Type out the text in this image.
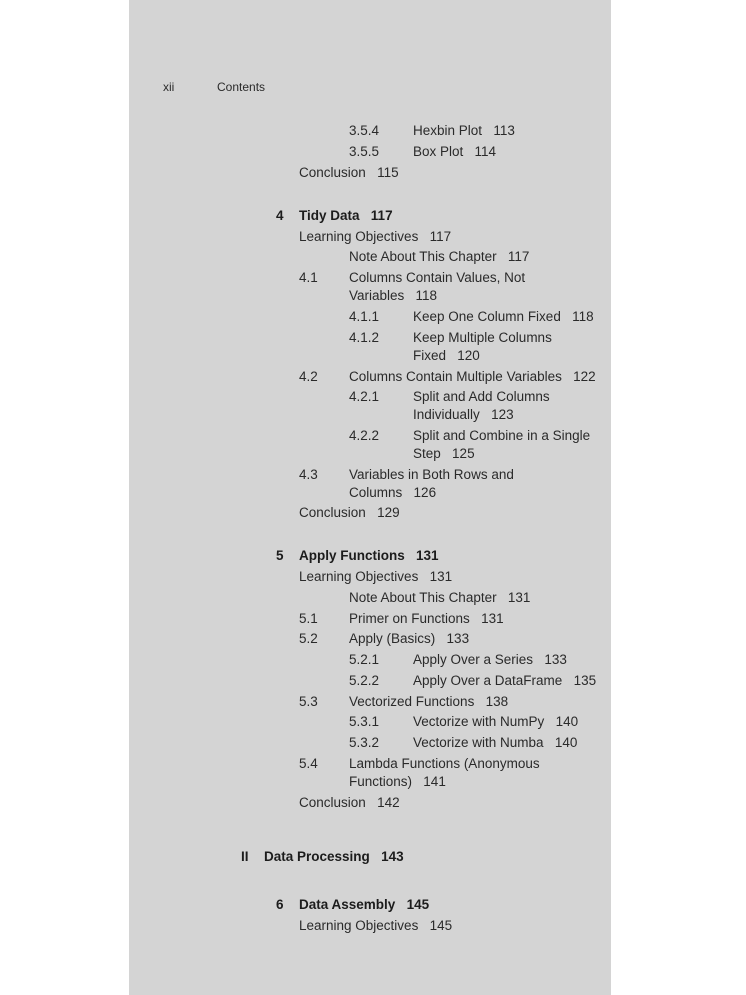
xii	Contents
3.5.4	Hexbin Plot 113
3.5.5	Box Plot 114
Conclusion 115
4 Tidy Data 117
Learning Objectives 117
Note About This Chapter 117
4.1 Columns Contain Values, Not
Variables 118
4.1.1	Keep One Column Fixed 118
4.1.2	Keep Multiple Columns
Fixed 120
4.2 Columns Contain Multiple Variables 122
4.2.1	Split and Add Columns
Individually 123
4.2.2	Split and Combine in a Single
Step 125
4.3 Variables in Both Rows and
Columns 126
Conclusion 129
5 Apply Functions 131
Learning Objectives 131
Note About This Chapter 131
5.1 Primer on Functions 131
5.2 Apply (Basics) 133
5.2.1	Apply Over a Series 133
5.2.2	Apply Over a DataFrame 135
5.3 Vectorized Functions 138
5.3.1	Vectorize with NumPy 140
5.3.2	Vectorize with Numba 140
5.4 Lambda Functions (Anonymous
Functions) 141
Conclusion 142
II Data Processing 143
6 Data Assembly 145
Learning Objectives 145
